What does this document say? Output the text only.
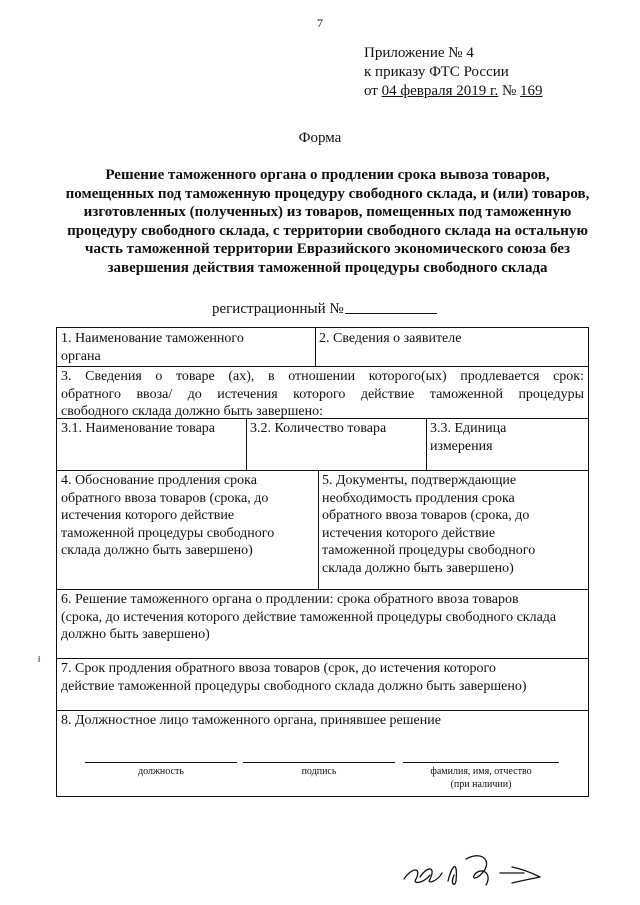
7
Приложение № 4
к приказу ФТС России
от 04 февраля 2019 г. № 169
Форма
Решение таможенного органа о продлении срока вывоза товаров, помещенных под таможенную процедуру свободного склада, и (или) товаров, изготовленных (полученных) из товаров, помещенных под таможенную процедуру свободного склада, с территории свободного склада на остальную часть таможенной территории Евразийского экономического союза без завершения действия таможенной процедуры свободного склада
регистрационный №
1. Наименование таможенного
органа
2. Сведения о заявителе
3. Сведения о товаре (ах), в отношении которого(ых) продлевается срок:
обратного ввоза/ до истечения которого действие таможенной процедуры
свободного склада должно быть завершено:
3.1. Наименование товара	3.2. Количество товара	3.3. Единица
измерения
4. Обоснование продления срока
обратного ввоза товаров (срока, до
истечения которого действие
таможенной процедуры свободного
склада должно быть завершено)
5. Документы, подтверждающие
необходимость продления срока
обратного ввоза товаров (срока, до
истечения которого действие
таможенной процедуры свободного
склада должно быть завершено)
6. Решение таможенного органа о продлении: срока обратного ввоза товаров
(срока, до истечения которого действие таможенной процедуры свободного склада
должно быть завершено)
7. Срок продления обратного ввоза товаров (срок, до истечения которого
действие таможенной процедуры свободного склада должно быть завершено)
8. Должностное лицо таможенного органа, принявшее решение
должность	подпись	фамилия, имя, отчество
(при наличии)
ł
